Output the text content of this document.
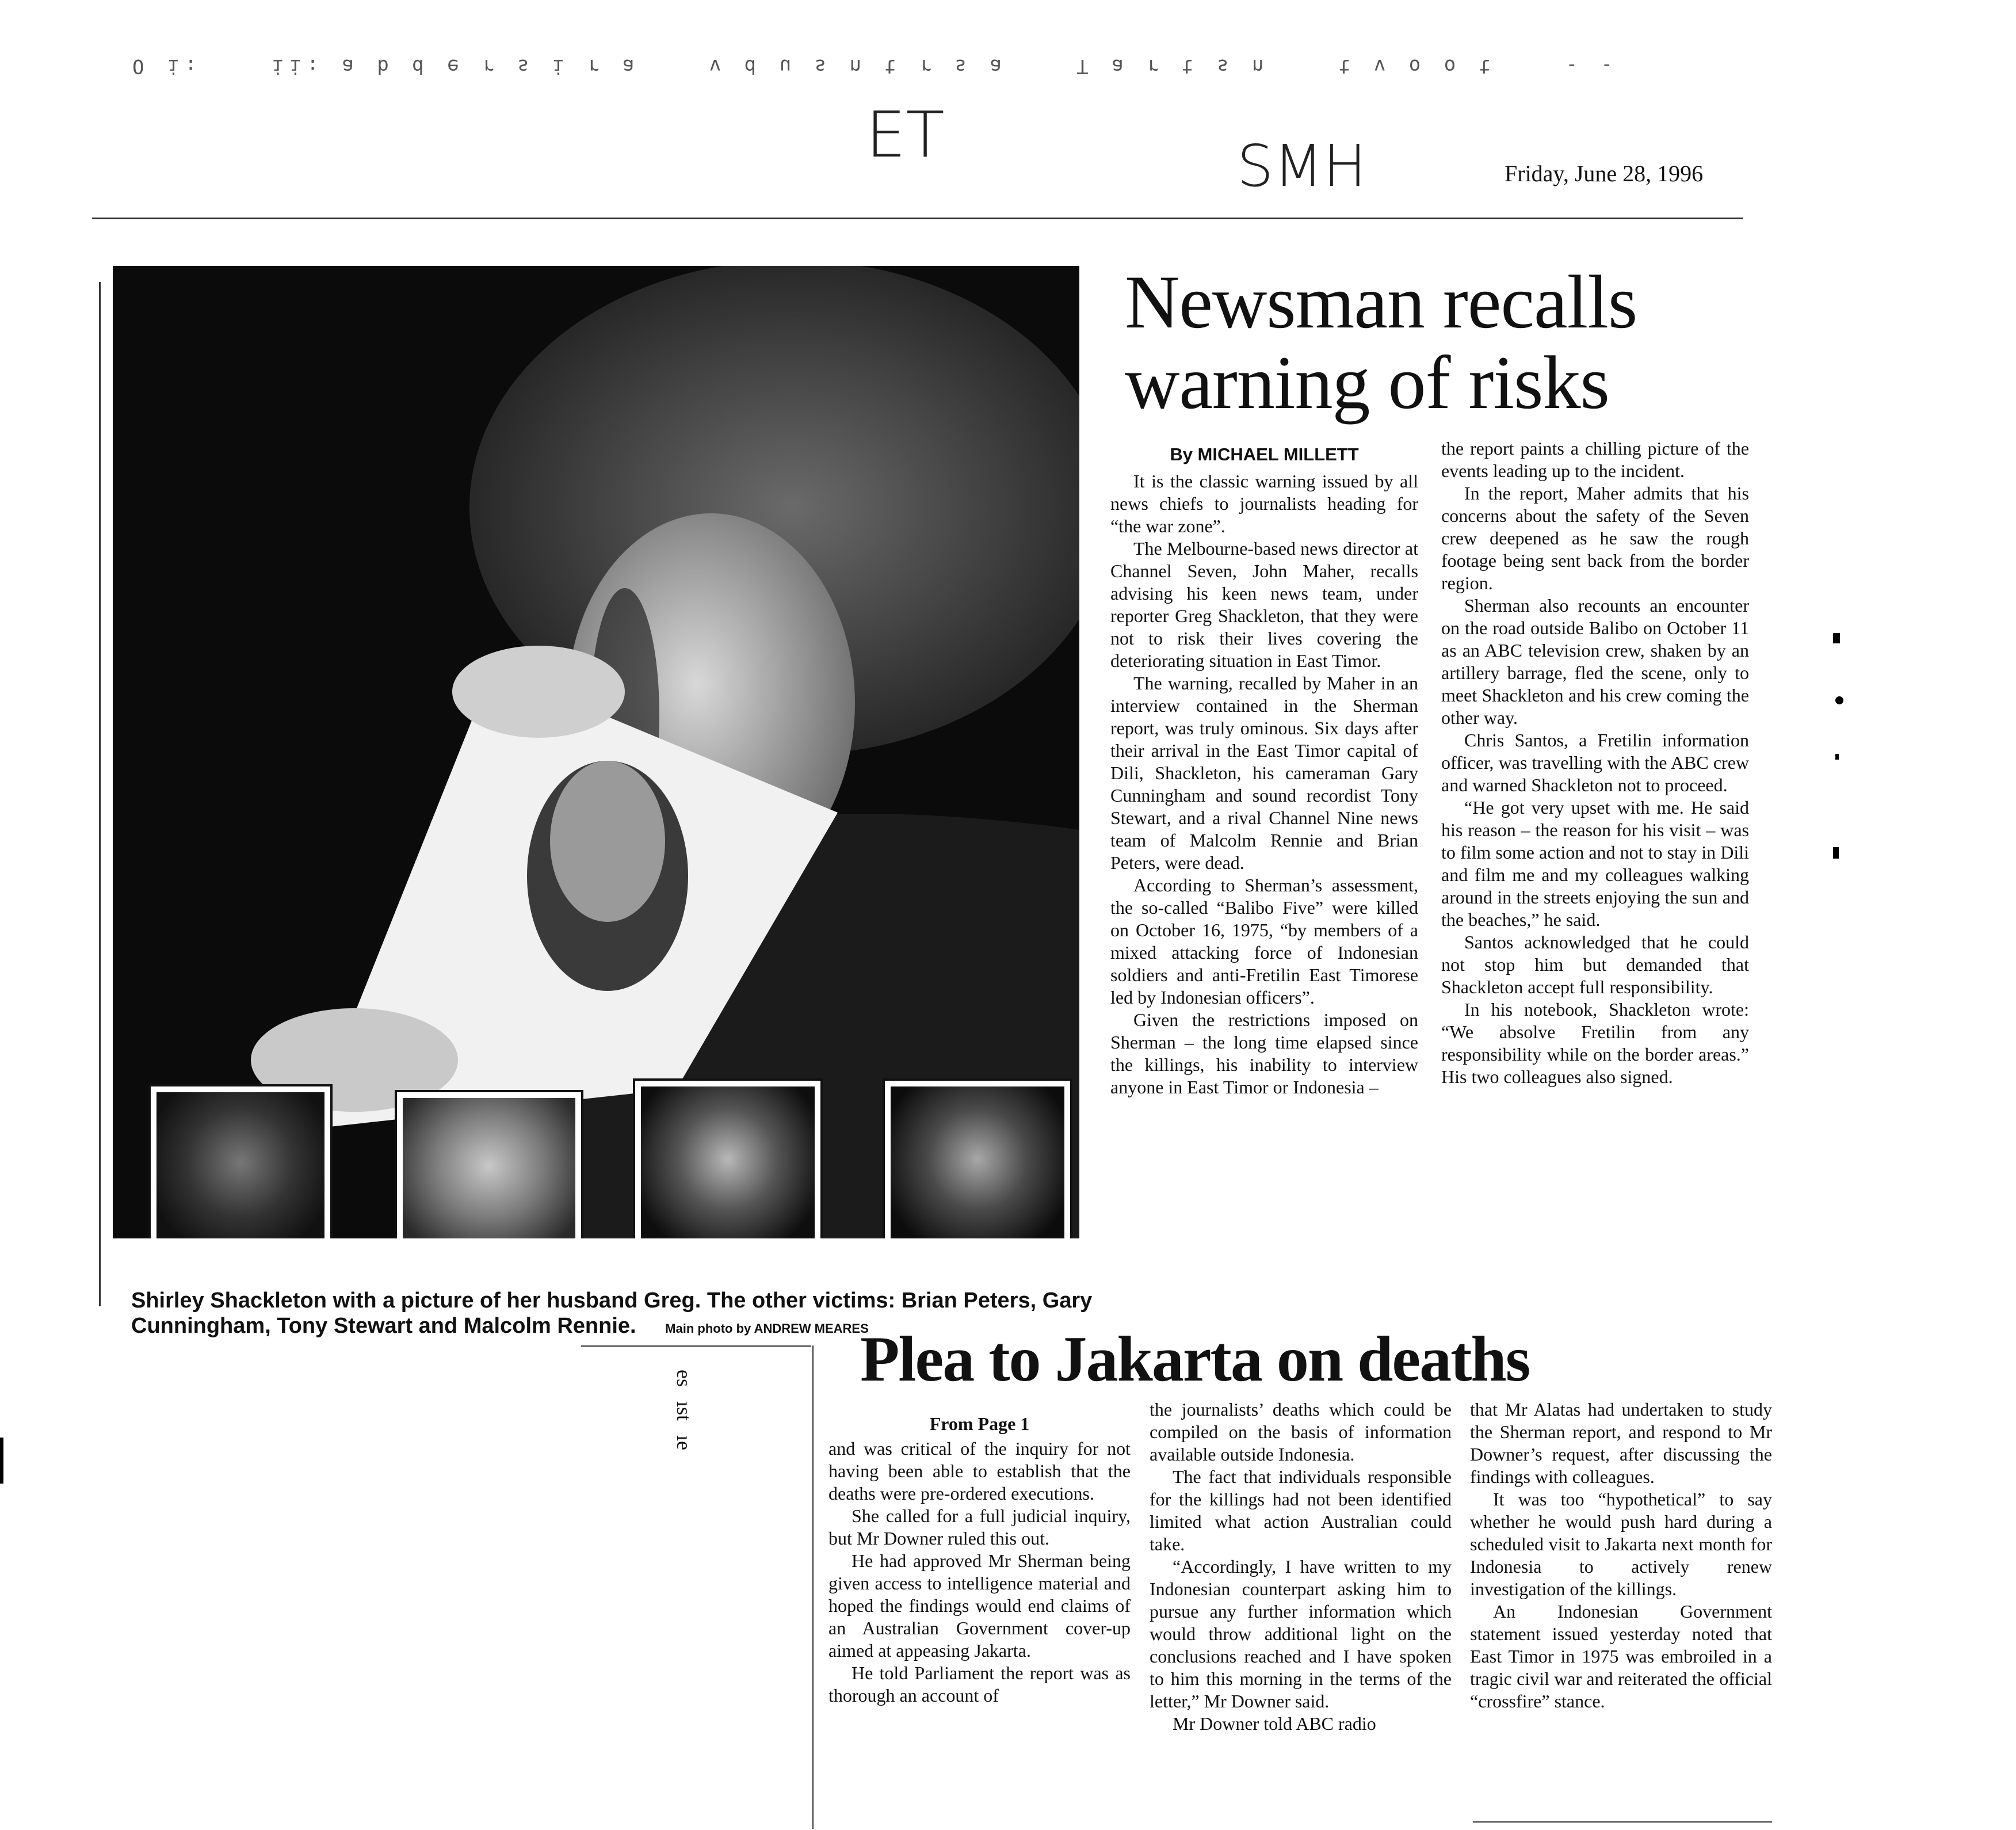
O i:	ii: a b d e r s i r a	v d u s n t r s a	T a r t s n	t v o o t	- -
ET	SMH	Friday, June 28, 1996
Shirley Shackleton with a picture of her husband Greg. The other victims: Brian Peters, Gary Cunningham, Tony Stewart and Malcolm Rennie. Main photo by ANDREW MEARES
Newsman recalls
warning of risks
By MICHAEL MILLETT

It is the classic warning issued by all news chiefs to journalists heading for “the war zone”.

The Melbourne-based news director at Channel Seven, John Maher, recalls advising his keen news team, under reporter Greg Shackleton, that they were not to risk their lives covering the deteriorating situation in East Timor.

The warning, recalled by Maher in an interview contained in the Sherman report, was truly ominous. Six days after their arrival in the East Timor capital of Dili, Shackleton, his cameraman Gary Cunningham and sound recordist Tony Stewart, and a rival Channel Nine news team of Malcolm Rennie and Brian Peters, were dead.

According to Sherman’s assessment, the so-called “Balibo Five” were killed on October 16, 1975, “by members of a mixed attacking force of Indonesian soldiers and anti-Fretilin East Timorese led by Indonesian officers”.

Given the restrictions imposed on Sherman – the long time elapsed since the killings, his inability to interview anyone in East Timor or Indonesia –

the report paints a chilling picture of the events leading up to the incident.

In the report, Maher admits that his concerns about the safety of the Seven crew deepened as he saw the rough footage being sent back from the border region.

Sherman also recounts an encounter on the road outside Balibo on October 11 as an ABC television crew, shaken by an artillery barrage, fled the scene, only to meet Shackleton and his crew coming the other way.

Chris Santos, a Fretilin information officer, was travelling with the ABC crew and warned Shackleton not to proceed.

“He got very upset with me. He said his reason – the reason for his visit – was to film some action and not to stay in Dili and film me and my colleagues walking around in the streets enjoying the sun and the beaches,” he said.

Santos acknowledged that he could not stop him but demanded that Shackleton accept full responsibility.

In his notebook, Shackleton wrote: “We absolve Fretilin from any responsibility while on the border areas.” His two colleagues also signed.

es ıst ıe
Plea to Jakarta on deaths
From Page 1

and was critical of the inquiry for not having been able to establish that the deaths were pre-ordered executions.

She called for a full judicial inquiry, but Mr Downer ruled this out.

He had approved Mr Sherman being given access to intelligence material and hoped the findings would end claims of an Australian Government cover-up aimed at appeasing Jakarta.

He told Parliament the report was as thorough an account of

the journalists’ deaths which could be compiled on the basis of information available outside Indonesia.

The fact that individuals responsible for the killings had not been identified limited what action Australian could take.

“Accordingly, I have written to my Indonesian counterpart asking him to pursue any further information which would throw additional light on the conclusions reached and I have spoken to him this morning in the terms of the letter,” Mr Downer said.

Mr Downer told ABC radio

that Mr Alatas had undertaken to study the Sherman report, and respond to Mr Downer’s request, after discussing the findings with colleagues.

It was too “hypothetical” to say whether he would push hard during a scheduled visit to Jakarta next month for Indonesia to actively renew investigation of the killings.

An Indonesian Government statement issued yesterday noted that East Timor in 1975 was embroiled in a tragic civil war and reiterated the official “crossfire” stance.
